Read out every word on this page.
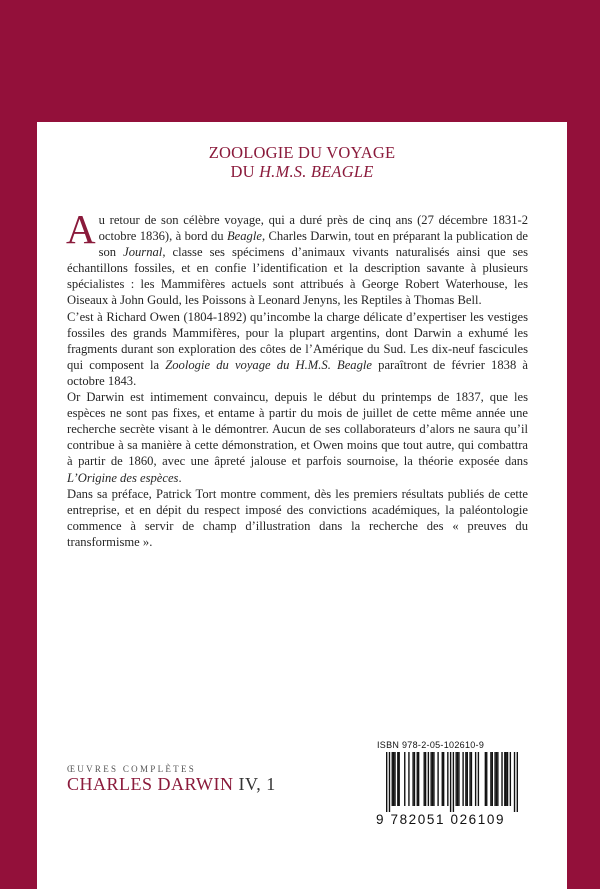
ZOOLOGIE DU VOYAGE
DU H.M.S. BEAGLE

Au retour de son célèbre voyage, qui a duré près de cinq ans (27 décembre 1831-2 octobre 1836), à bord du Beagle, Charles Darwin, tout en préparant la publication de son Journal, classe ses spécimens d’animaux vivants naturalisés ainsi que ses échantillons fossiles, et en confie l’identification et la description savante à plusieurs spécialistes : les Mammifères actuels sont attribués à George Robert Waterhouse, les Oiseaux à John Gould, les Poissons à Leonard Jenyns, les Reptiles à Thomas Bell.

C’est à Richard Owen (1804-1892) qu’incombe la charge délicate d’expertiser les vestiges fossiles des grands Mammifères, pour la plupart argentins, dont Darwin a exhumé les fragments durant son exploration des côtes de l’Amérique du Sud. Les dix-neuf fascicules qui composent la Zoologie du voyage du H.M.S. Beagle paraîtront de février 1838 à octobre 1843.

Or Darwin est intimement convaincu, depuis le début du printemps de 1837, que les espèces ne sont pas fixes, et entame à partir du mois de juillet de cette même année une recherche secrète visant à le démontrer. Aucun de ses collaborateurs d’alors ne saura qu’il contribue à sa manière à cette démonstration, et Owen moins que tout autre, qui combattra à partir de 1860, avec une âpreté jalouse et parfois sournoise, la théorie exposée dans L’Origine des espèces.

Dans sa préface, Patrick Tort montre comment, dès les premiers résultats publiés de cette entreprise, et en dépit du respect imposé des convictions académiques, la paléontologie commence à servir de champ d’illustration dans la recherche des « preuves du transformisme ».

ŒUVRES COMPLÈTES
CHARLES DARWIN IV, 1
ISBN 978-2-05-102610-9
9 782051 026109
